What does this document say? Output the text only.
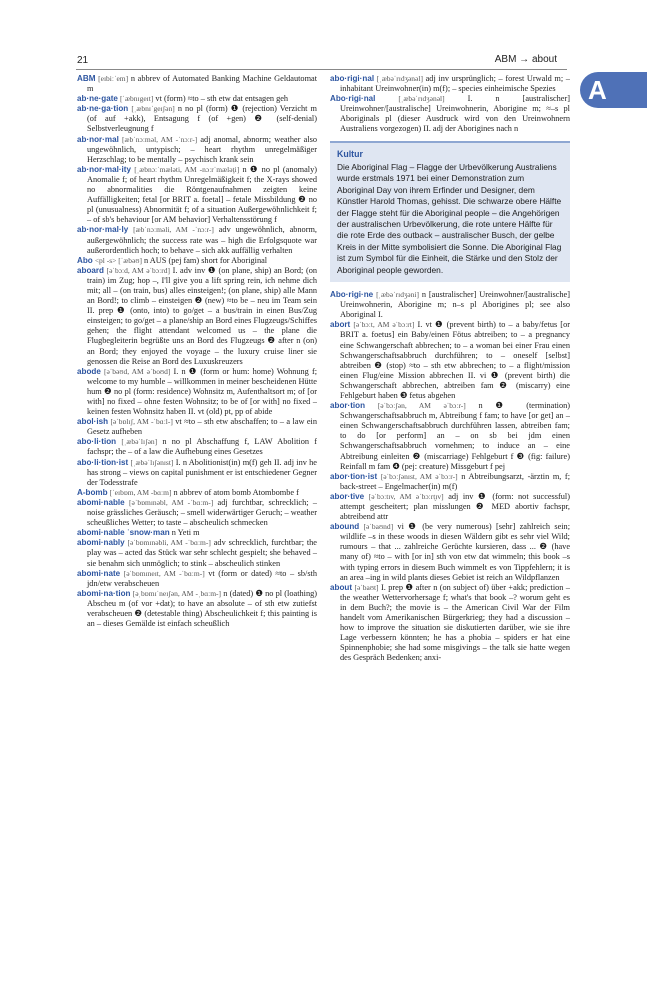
21	ABM → about
A

ABM [eɪbiːˈem] n abbrev of Automated Banking Machine Geldautomat m

ab·ne·gate [ˈæbnɪgeɪt] vt (form) ≈to – sth etw dat entsagen geh

ab·ne·ga·tion [ˌæbnɪˈgeɪʃən] n no pl (form) ❶ (rejection) Verzicht m (of auf +akk), Entsagung f (of +gen) ❷ (self-denial) Selbstverleugnung f

ab·nor·mal [æbˈnɔːməl, AM -ˈnɔːr-] adj anomal, abnorm; weather also ungewöhnlich, untypisch; – heart rhythm unregelmäßiger Herzschlag; to be mentally – psychisch krank sein

ab·nor·mal·ity [ˌæbnɔːˈmæləti, AM -nɔːrˈmæləţi] n ❶ no pl (anomaly) Anomalie f; of heart rhythm Unregelmäßigkeit f; the X-rays showed no abnormalities die Röntgenaufnahmen zeigten keine Auffälligkeiten; fetal [or BRIT a. foetal] – fetale Missbildung ❷ no pl (unusualness) Abnormität f; of a situation Außergewöhnlichkeit f; – of sb's behaviour [or AM behavior] Verhaltensstörung f

ab·nor·mal·ly [æbˈnɔːməli, AM -ˈnɔːr-] adv ungewöhnlich, abnorm, außergewöhnlich; the success rate was – high die Erfolgsquote war außerordentlich hoch; to behave – sich akk auffällig verhalten

Abo <pl -s> [ˈæbəʊ] n AUS (pej fam) short for Aboriginal

aboard [əˈbɔːd, AM əˈbɔːrd] I. adv inv ❶ (on plane, ship) an Bord; (on train) im Zug; hop –, I'll give you a lift spring rein, ich nehme dich mit; all – (on train, bus) alles einsteigen!; (on plane, ship) alle Mann an Bord!; to climb – einsteigen ❷ (new) ≈to be – neu im Team sein II. prep ❶ (onto, into) to go/get – a bus/train in einen Bus/Zug einsteigen; to go/get – a plane/ship an Bord eines Flugzeugs/Schiffes gehen; the flight attendant welcomed us – the plane die Flugbegleiterin begrüßte uns an Bord des Flugzeugs ❷ after n (on) an Bord; they enjoyed the voyage – the luxury cruise liner sie genossen die Reise an Bord des Luxuskreuzers

abode [əˈbəʊd, AM əˈboʊd] I. n ❶ (form or hum: home) Wohnung f; welcome to my humble – willkommen in meiner bescheidenen Hütte hum ❷ no pl (form: residence) Wohnsitz m, Aufenthaltsort m; of [or with] no fixed – ohne festen Wohnsitz; to be of [or with] no fixed – keinen festen Wohnsitz haben II. vt (old) pt, pp of abide

abol·ish [əˈbɒlɪʃ, AM -ˈbɑːl-] vt ≈to – sth etw abschaffen; to – a law ein Gesetz aufheben

abo·li·tion [ˌæbəˈlɪʃən] n no pl Abschaffung f, LAW Abolition f fachspr; the – of a law die Aufhebung eines Gesetzes

abo·li·tion·ist [ˌæbəˈlɪʃənɪst] I. n Abolitionist(in) m(f) geh II. adj inv he has strong – views on capital punishment er ist entschiedener Gegner der Todesstrafe

A-bomb [ˈeɪbɒm, AM -bɑːm] n abbrev of atom bomb Atombombe f

abomi·nable [əˈbɒmɪnəbl, AM -ˈbɑːm-] adj furchtbar, schrecklich; – noise grässliches Geräusch; – smell widerwärtiger Geruch; – weather scheußliches Wetter; to taste – abscheulich schmecken

abomi·nable ˈsnow·man n Yeti m

abomi·nably [əˈbɒmɪnəbli, AM -ˈbɑːm-] adv schrecklich, furchtbar; the play was – acted das Stück war sehr schlecht gespielt; she behaved – sie benahm sich unmöglich; to stink – abscheulich stinken

abomi·nate [əˈbɒmɪneɪt, AM -ˈbɑːm-] vt (form or dated) ≈to – sb/sth jdn/etw verabscheuen

abomi·na·tion [əˌbɒmɪˈneɪʃən, AM -ˌbɑːm-] n (dated) ❶ no pl (loathing) Abscheu m (of vor +dat); to have an absolute – of sth etw zutiefst verabscheuen ❷ (detestable thing) Abscheulichkeit f; this painting is an – dieses Gemälde ist einfach scheußlich

abo·rigi·nal [ˌæbəˈrɪdʒənəl] adj inv ursprünglich; – forest Urwald m; – inhabitant Ureinwohner(in) m(f); – species einheimische Spezies

Abo·rigi·nal	[ˌæbəˈrɪdʒənəl]	I. n [australischer] Ureinwohner/[australische] Ureinwohnerin, Aborigine m; ≈–s pl Aboriginals pl (dieser Ausdruck wird von den Ureinwohnern Australiens vorgezogen) II. adj der Aborigines nach n

Kultur
Die Aboriginal Flag – Flagge der Urbevölkerung Australiens wurde erstmals 1971 bei einer Demonstration zum Aboriginal Day von ihrem Erfinder und Designer, dem Künstler Harold Thomas, gehisst. Die schwarze obere Hälfte der Flagge steht für die Aboriginal people – die Angehörigen der australischen Urbevölkerung, die rote untere Hälfte für die rote Erde des outback – australischer Busch, der gelbe Kreis in der Mitte symbolisiert die Sonne. Die Aboriginal Flag ist zum Symbol für die Einheit, die Stärke und den Stolz der Aboriginal people geworden.

Abo·rigi·ne [ˌæbəˈrɪdʒəni] n [australischer] Ureinwohner/[australische] Ureinwohnerin, Aborigine m; n–s pl Aborigines pl; see also Aboriginal I.

abort [əˈbɔːt, AM əˈbɔːrt] I. vt ❶ (prevent birth) to – a baby/fetus [or BRIT a. foetus] ein Baby/einen Fötus abtreiben; to – a pregnancy eine Schwangerschaft abbrechen; to – a woman bei einer Frau einen Schwangerschaftsabbruch durchführen; to – oneself [selbst] abtreiben ❷ (stop) ≈to – sth etw abbrechen; to – a flight/mission einen Flug/eine Mission abbrechen II. vi ❶ (prevent birth) die Schwangerschaft abbrechen, abtreiben fam ❷ (miscarry) eine Fehlgeburt haben ❸ fetus abgehen

abor·tion [əˈbɔːʃən, AM əˈbɔːr-] n ❶ (termination) Schwangerschaftsabbruch m, Abtreibung f fam; to have [or get] an – einen Schwangerschaftsabbruch durchführen lassen, abtreiben fam; to do [or perform] an – on sb bei jdm einen Schwangerschaftsabbruch vornehmen; to induce an – eine Abtreibung einleiten ❷ (miscarriage) Fehlgeburt f ❸ (fig: failure) Reinfall m fam ❹ (pej: creature) Missgeburt f pej

abor·tion·ist [əˈbɔːʃənɪst, AM əˈbɔːr-] n Abtreibungsarzt, -ärztin m, f; back-street – Engelmacher(in) m(f)

abor·tive [əˈbɔːtɪv, AM əˈbɔːrt̬ɪv] adj inv ❶ (form: not successful) attempt gescheitert; plan misslungen ❷ MED abortiv fachspr, abtreibend attr

abound [əˈbaʊnd] vi ❶ (be very numerous) [sehr] zahlreich sein; wildlife –s in these woods in diesen Wäldern gibt es sehr viel Wild; rumours – that ... zahlreiche Gerüchte kursieren, dass ... ❷ (have many of) ≈to – with [or in] sth von etw dat wimmeln; this book –s with typing errors in diesem Buch wimmelt es von Tippfehlern; it is an area –ing in wild plants dieses Gebiet ist reich an Wildpflanzen

about [əˈbaʊt] I. prep ❶ after n (on subject of) über +akk; prediction – the weather Wettervorhersage f; what's that book –? worum geht es in dem Buch?; the movie is – the American Civil War der Film handelt vom Amerikanischen Bürgerkrieg; they had a discussion – how to improve the situation sie diskutierten darüber, wie sie ihre Lage verbessern könnten; he has a phobia – spiders er hat eine Spinnenphobie; she had some misgivings – the talk sie hatte wegen des Gespräch Bedenken; anxi-
